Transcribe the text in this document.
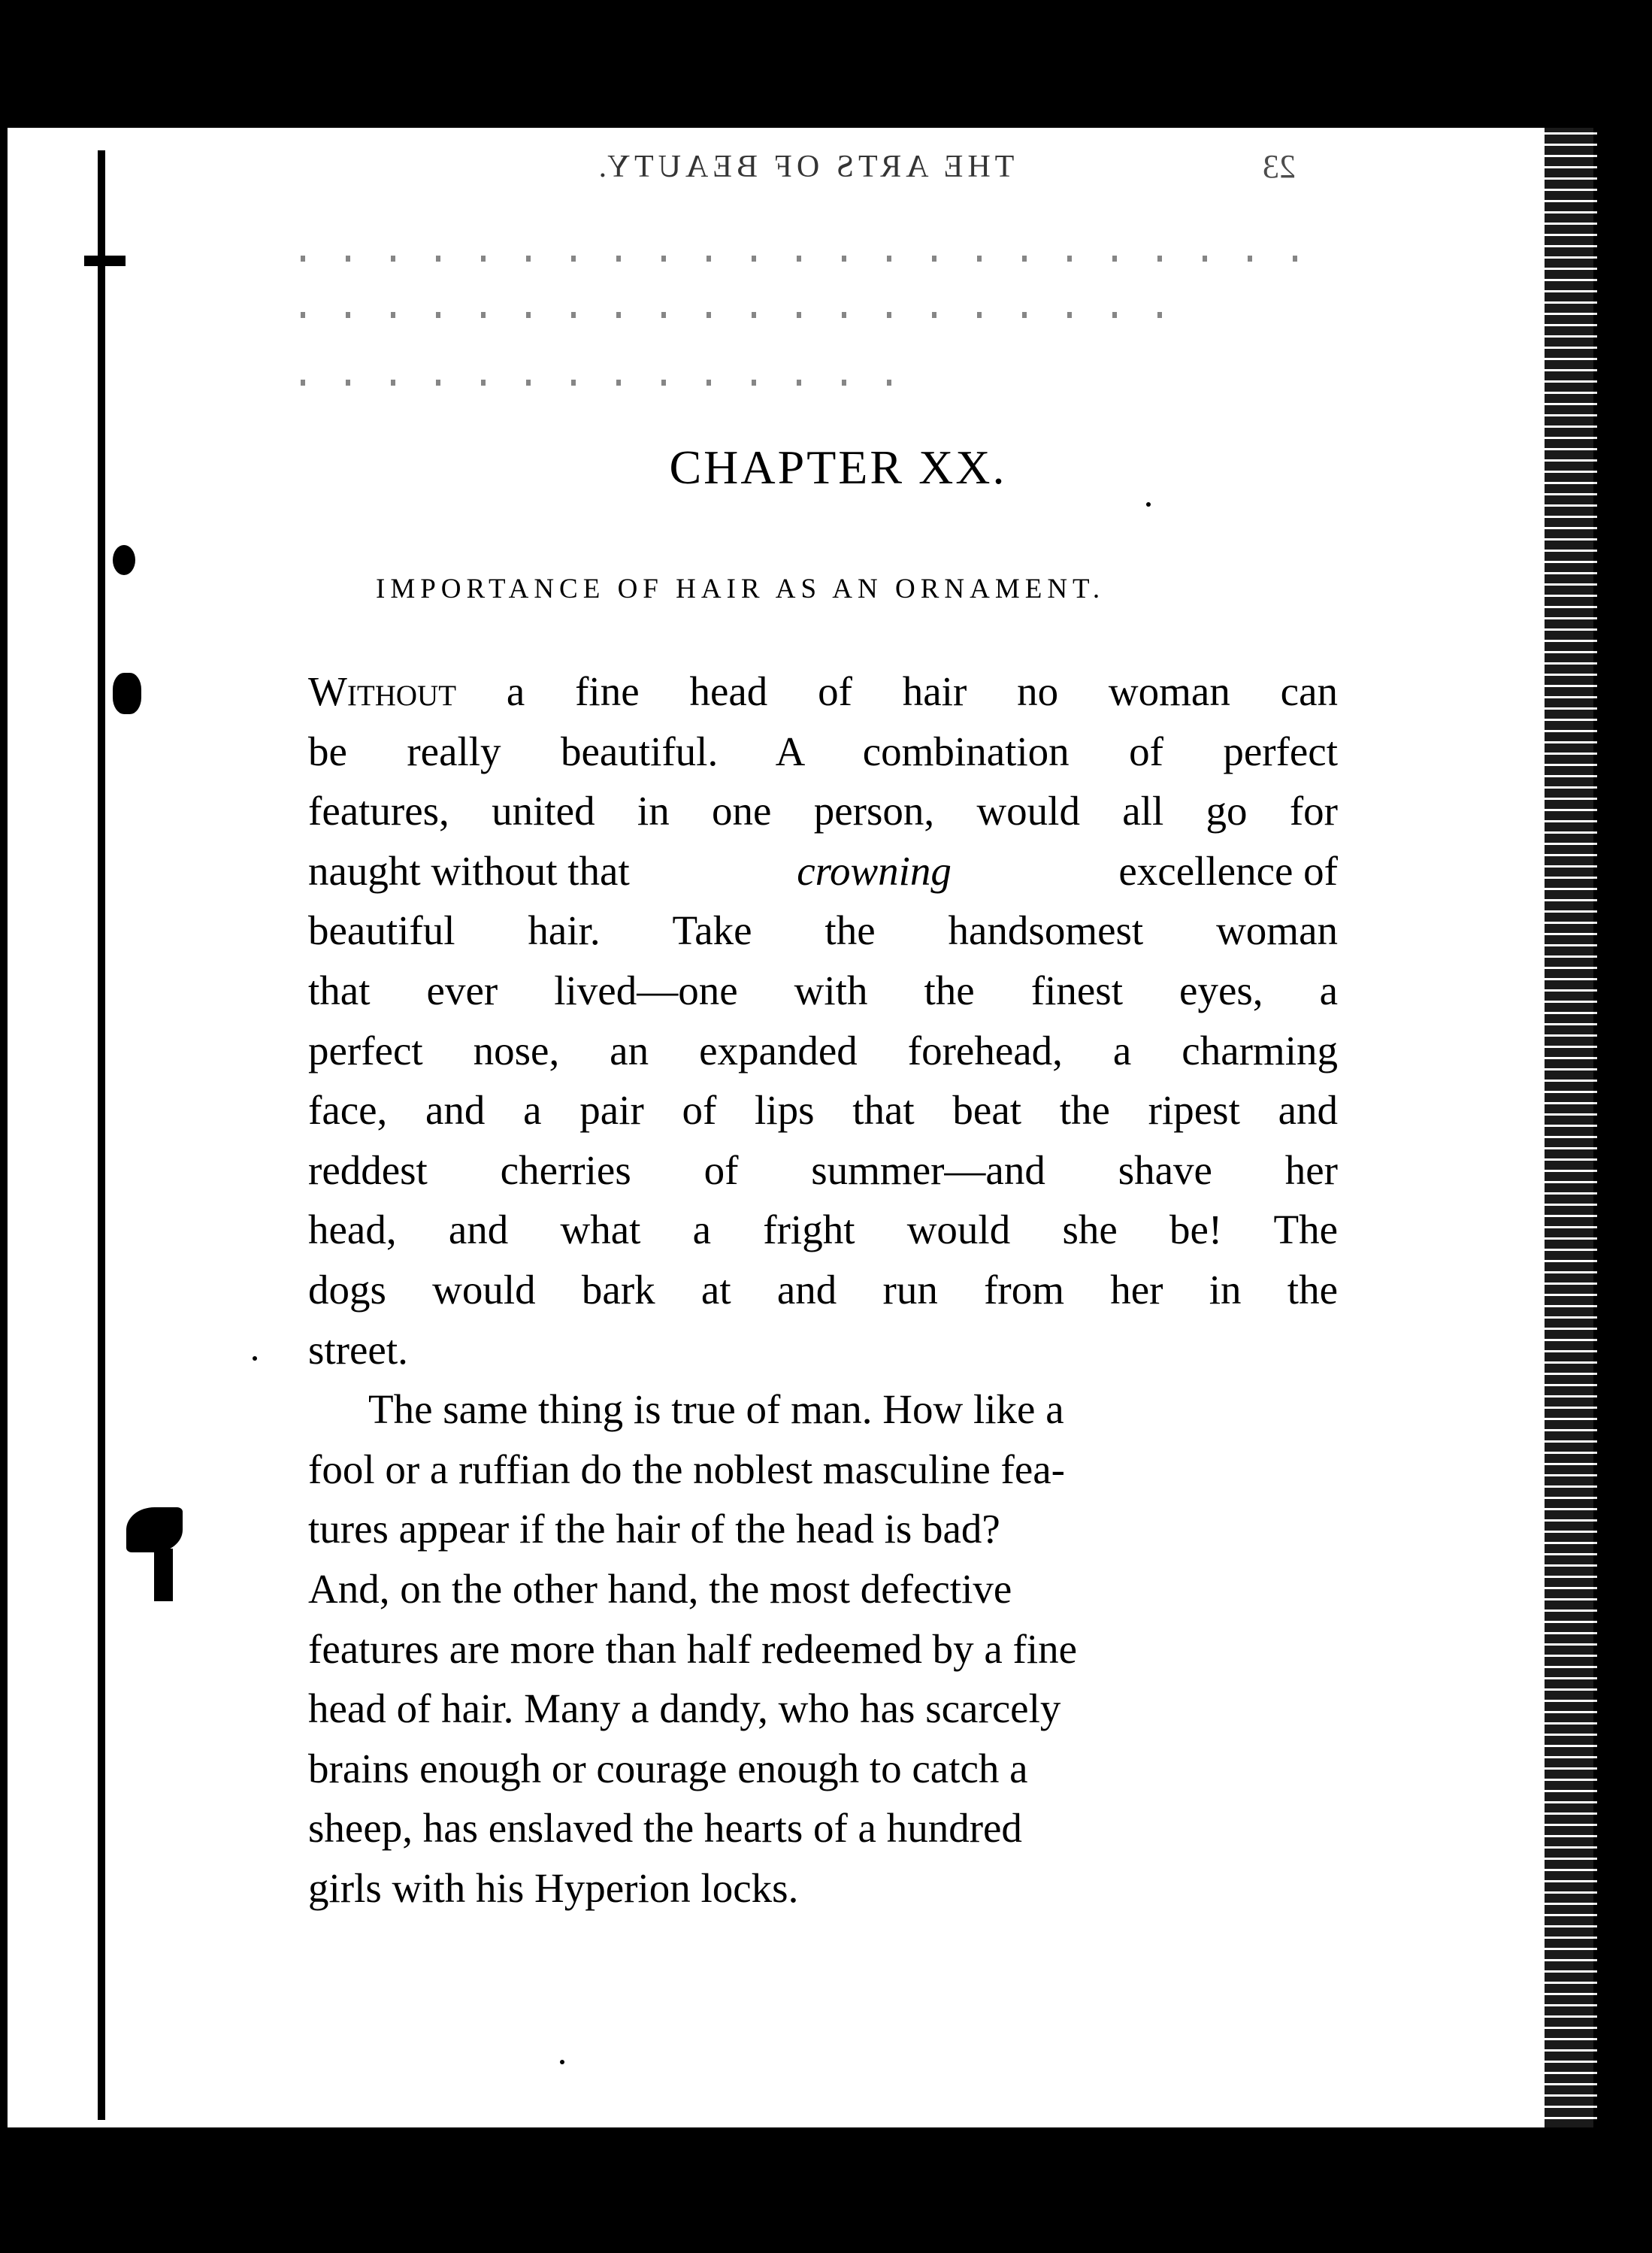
THE ARTS OF BEAUTY.	23
CHAPTER XX.
IMPORTANCE OF HAIR AS AN ORNAMENT.
Without a fine head of hair no woman can
be really beautiful. A combination of perfect
features, united in one person, would all go for
naught without that	crowning	excellence of
beautiful hair. Take the handsomest woman
that ever lived—one with the finest eyes, a
perfect nose, an expanded forehead, a charming
face, and a pair of lips that beat the ripest and
reddest cherries of summer—and shave her
head, and what a fright would she be! The
dogs would bark at and run from her in the
street.
The same thing is true of man. How like a
fool or a ruffian do the noblest masculine fea-
tures appear if the hair of the head is bad?
And, on the other hand, the most defective
features are more than half redeemed by a fine
head of hair. Many a dandy, who has scarcely
brains enough or courage enough to catch a
sheep, has enslaved the hearts of a hundred
girls with his Hyperion locks.
